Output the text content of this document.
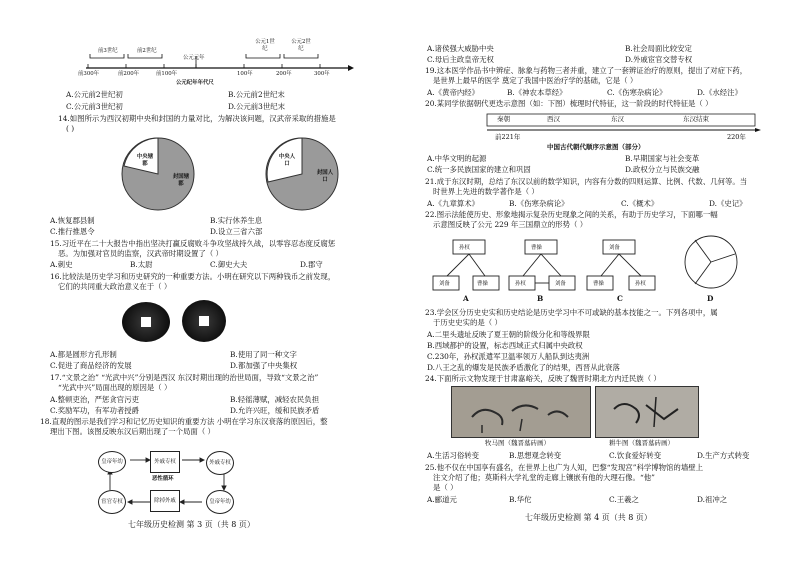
前3世纪	前2世纪
公元元年
公元1世纪
公元2世纪
前300年	前200年	前100年	100年	200年	300年
公元纪年年代尺
A.公元前2世纪初	B.公元前2世纪末
C.公元前3世纪初	D.公元前3世纪末
14.如图所示为西汉初期中央和封国的力量对比，为解决该问题，汉武帝采取的措施是
( )
中央辖郡
封国辖郡
中央人口
封国人口
A.恢复郡县制	B.实行休养生息
C.推行推恩令	D.设立三省六部
15.习近平在二十大报告中指出坚决打赢反腐败斗争攻坚战持久战，以零容忍态度反腐惩
恶。为加强对官员的监察，汉武帝时期设置了（ ）
A.刺史	B.太尉	C.御史大夫	D.郡守
16.比较法是历史学习和历史研究的一种重要方法。小明在研究以下两种钱币之前发现，
它们的共同重大政治意义在于（ ）
A.都是圆形方孔形制	B.使用了同一种文字
C.促进了商品经济的发展	D.都加强了中央集权
17.“文景之治” “光武中兴”分别是西汉 东汉时期出现的治世局面，导致“文景之治”
“光武中兴”局面出现的原因是（ ）
A.整顿吏治，严惩贪官污吏	B.轻徭薄赋，减轻农民负担
C.奖励军功，有军功者授爵	D.允许兴旺，缓和民族矛盾
18.直观的图示是我们学习和记忆历史知识的重要方法 小明在学习东汉衰落的原因后，整
理出下图。该图反映东汉后期出现了一个局面（ ）
皇帝年幼	外戚专权	外戚专权
宦官专权	皇帝年幼
除掉外戚
恶性循环
七年级历史检测 第 3 页（共 8 页）
A.诸侯强大威胁中央	B.社会局面比较安定
C.母后主政皇帝无权	D.外戚宦官交替专权
19.这本医学作品书中辨症、脉象与药物三者并重，建立了一套辨证治疗的原则，提出了对症下药，
是世界上最早的医学 奠定了我国中医治疗学的基础，它是（ ）
A.《黄帝内经》	B.《神农本草经》	C.《伤寒杂病论》	D.《水经注》
20.某同学依据朝代更迭示意图（如：下图）梳理时代特征，这一阶段的时代特征是（ ）
秦朝	西汉	东汉	东汉结束
前221年	220年
中国古代朝代顺序示意图（部分）
A.中华文明的起源	B.早期国家与社会变革
C.统一多民族国家的建立和巩固	D.政权分立与民族交融
21.成于东汉时期，总结了东汉以前的数学知识，内容有分数的四则运算、比例、代数、几何等。当
时世界上先进的数学著作是（ ）
A.《九章算术》	B.《伤寒杂病论》	C.《概术》	D.《史记》
22.图示法能使历史、形象地揭示复杂历史现象之间的关系，有助于历史学习，下面哪一幅
示意图反映了公元 229 年三国鼎立的形势（ ）
孙权
刘备	曹操
曹操
孙权	刘备
刘备
曹操	孙权
A	B	C	D
23.学会区分历史史实和历史结论是历史学习中不可或缺的基本技能之一。下列各项中，属
于历史史实的是（ ）
A.二里头遗址反映了夏王朝的阶级分化和等级界限
B.西域都护的设置，标志西域正式归属中央政权
C.230年，孙权派遣军卫温率领万人船队到达夷洲
D.八王之乱的爆发是民族矛盾激化了的结果，西晋从此衰落
24.下面所示文物发现于甘肃嘉峪关，反映了魏晋时期北方内迁民族（ ）
牧马图（魏晋墓砖画）	耕牛图（魏晋墓砖画）
A.生活习俗转变	B.思想观念转变	C.饮食爱好转变	D.生产方式转变
25.他不仅在中国享有盛名，在世界上也广为人知，巴黎“发现宫”科学博物馆的墙壁上
注文介绍了他；莫斯科大学礼堂的走廊上镶嵌有他的大理石像。“他”
是（ ）
A.郦道元	B.华佗	C.王羲之	D.祖冲之
七年级历史检测 第 4 页（共 8 页）
